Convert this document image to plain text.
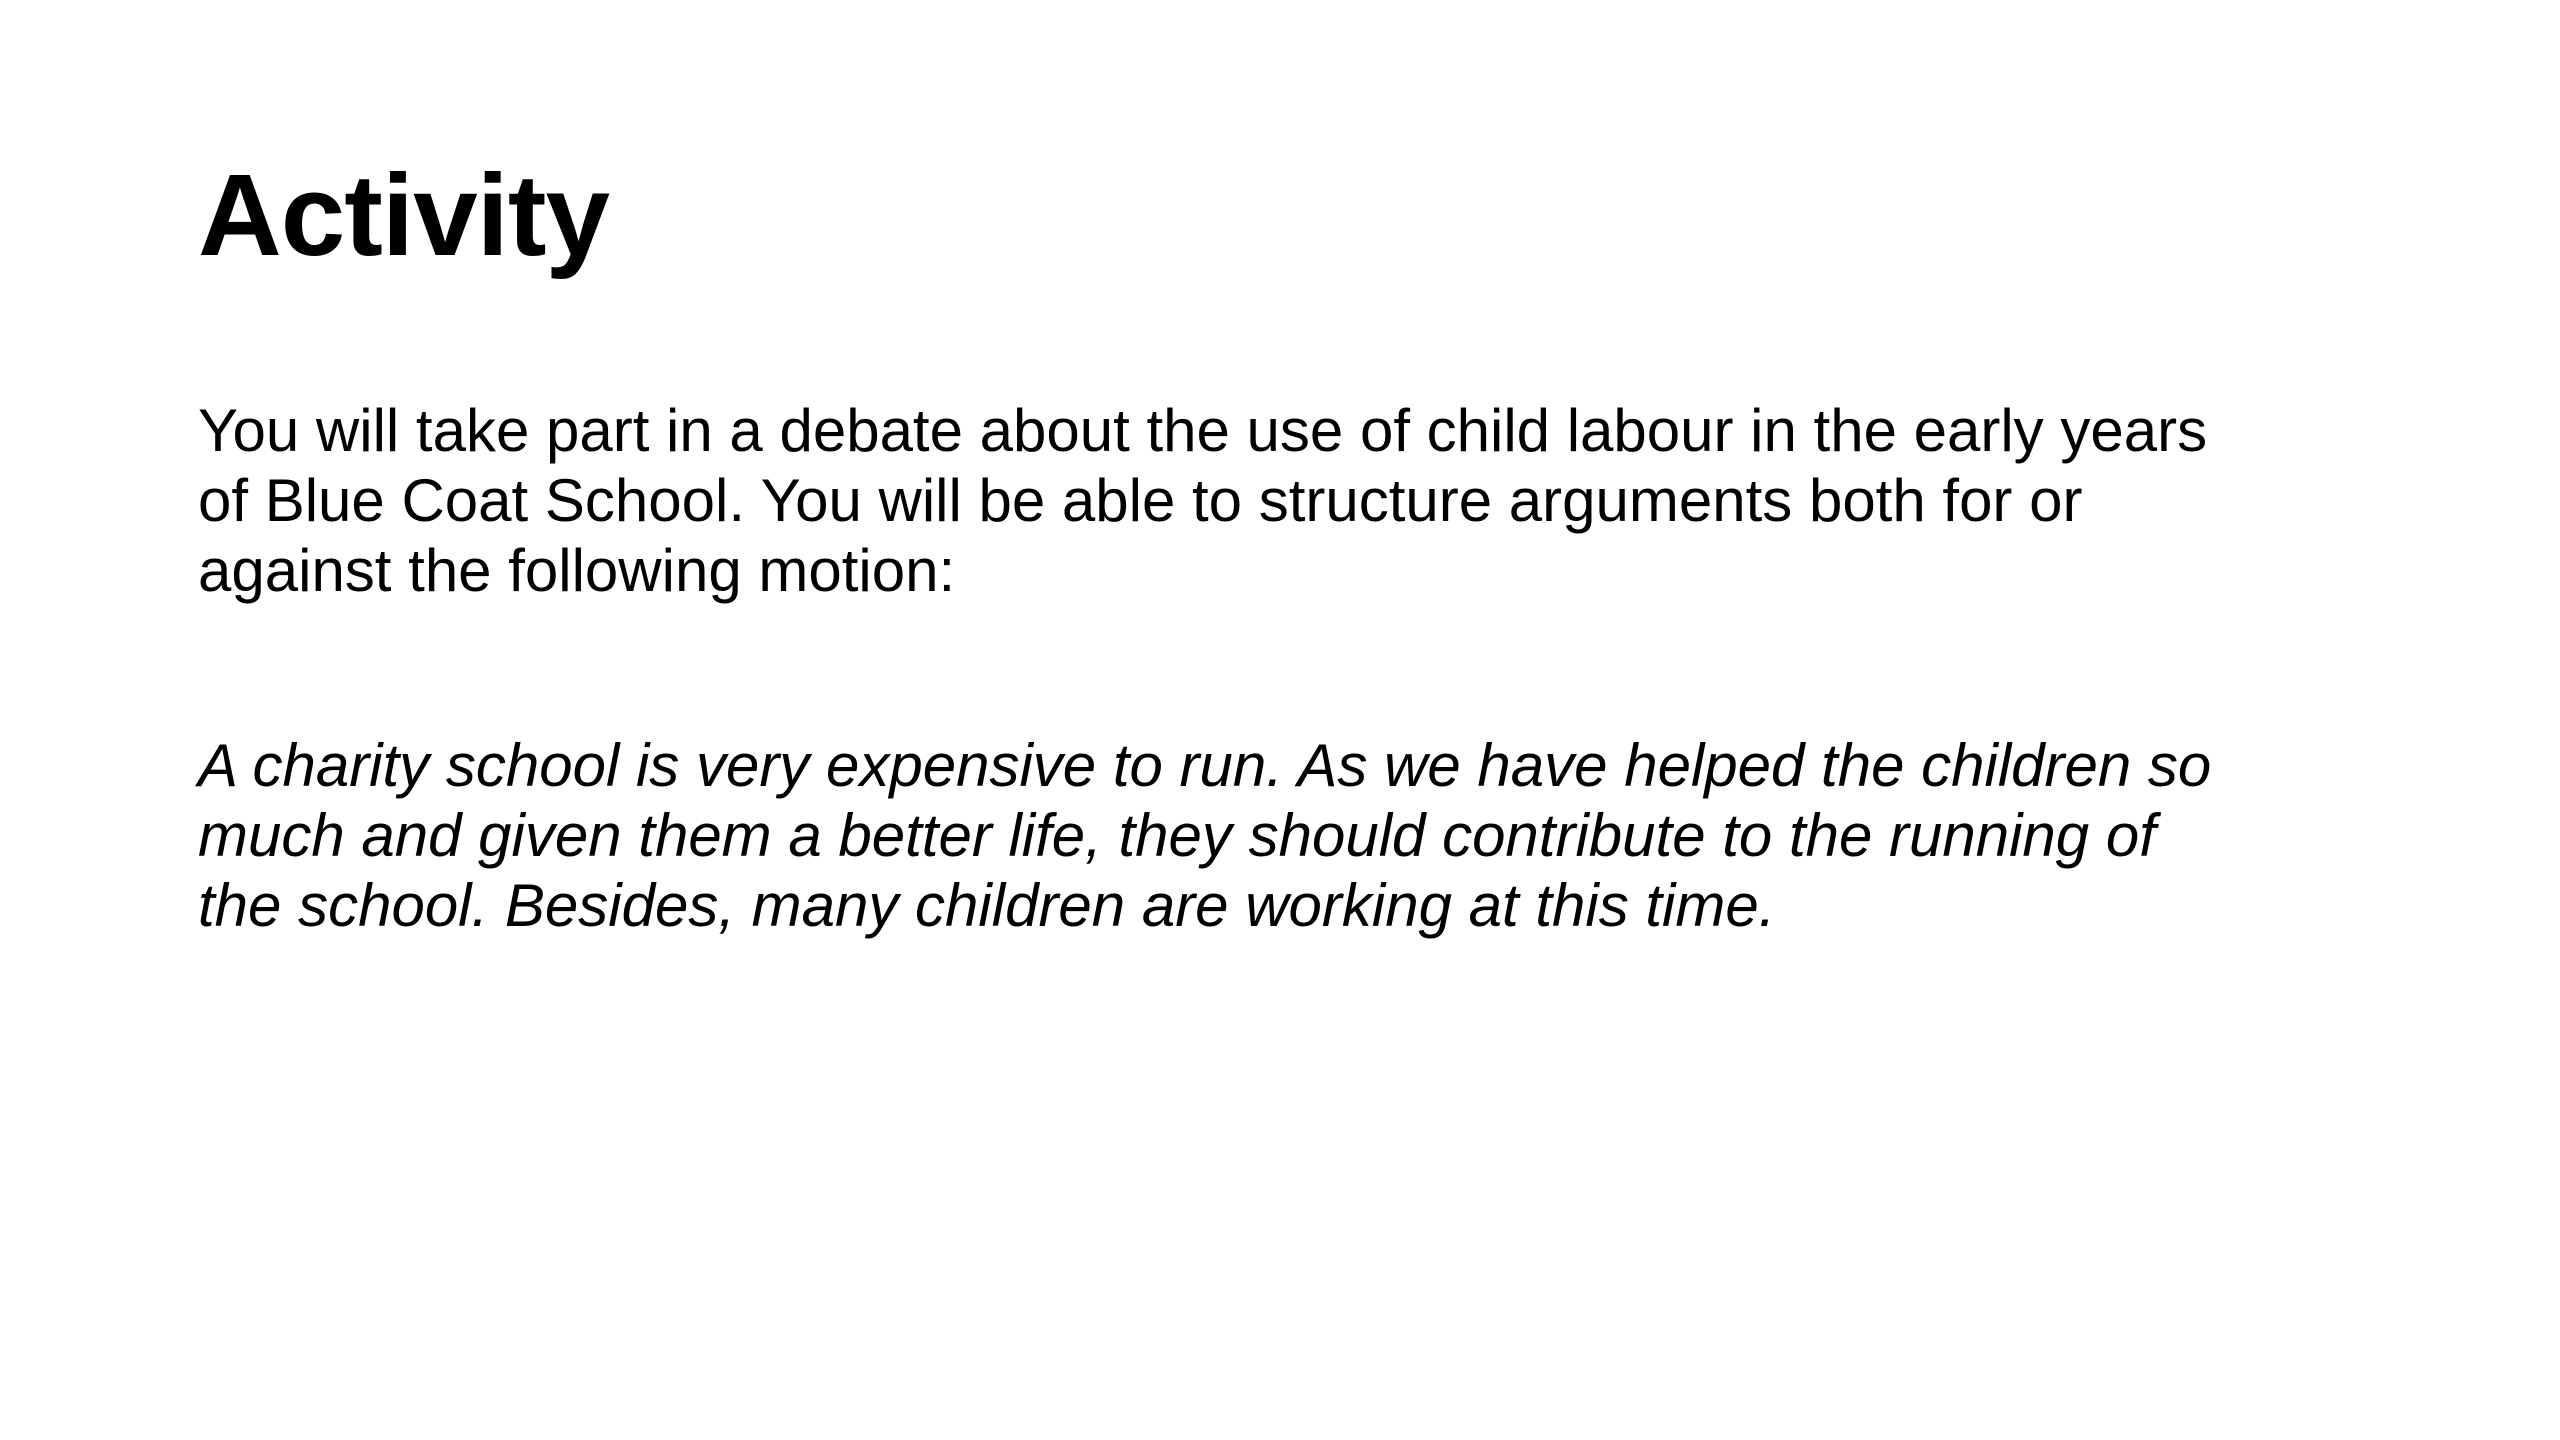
Activity

You will take part in a debate about the use of child labour in the early years
of Blue Coat School. You will be able to structure arguments both for or
against the following motion:

A charity school is very expensive to run. As we have helped the children so
much and given them a better life, they should contribute to the running of
the school. Besides, many children are working at this time.
